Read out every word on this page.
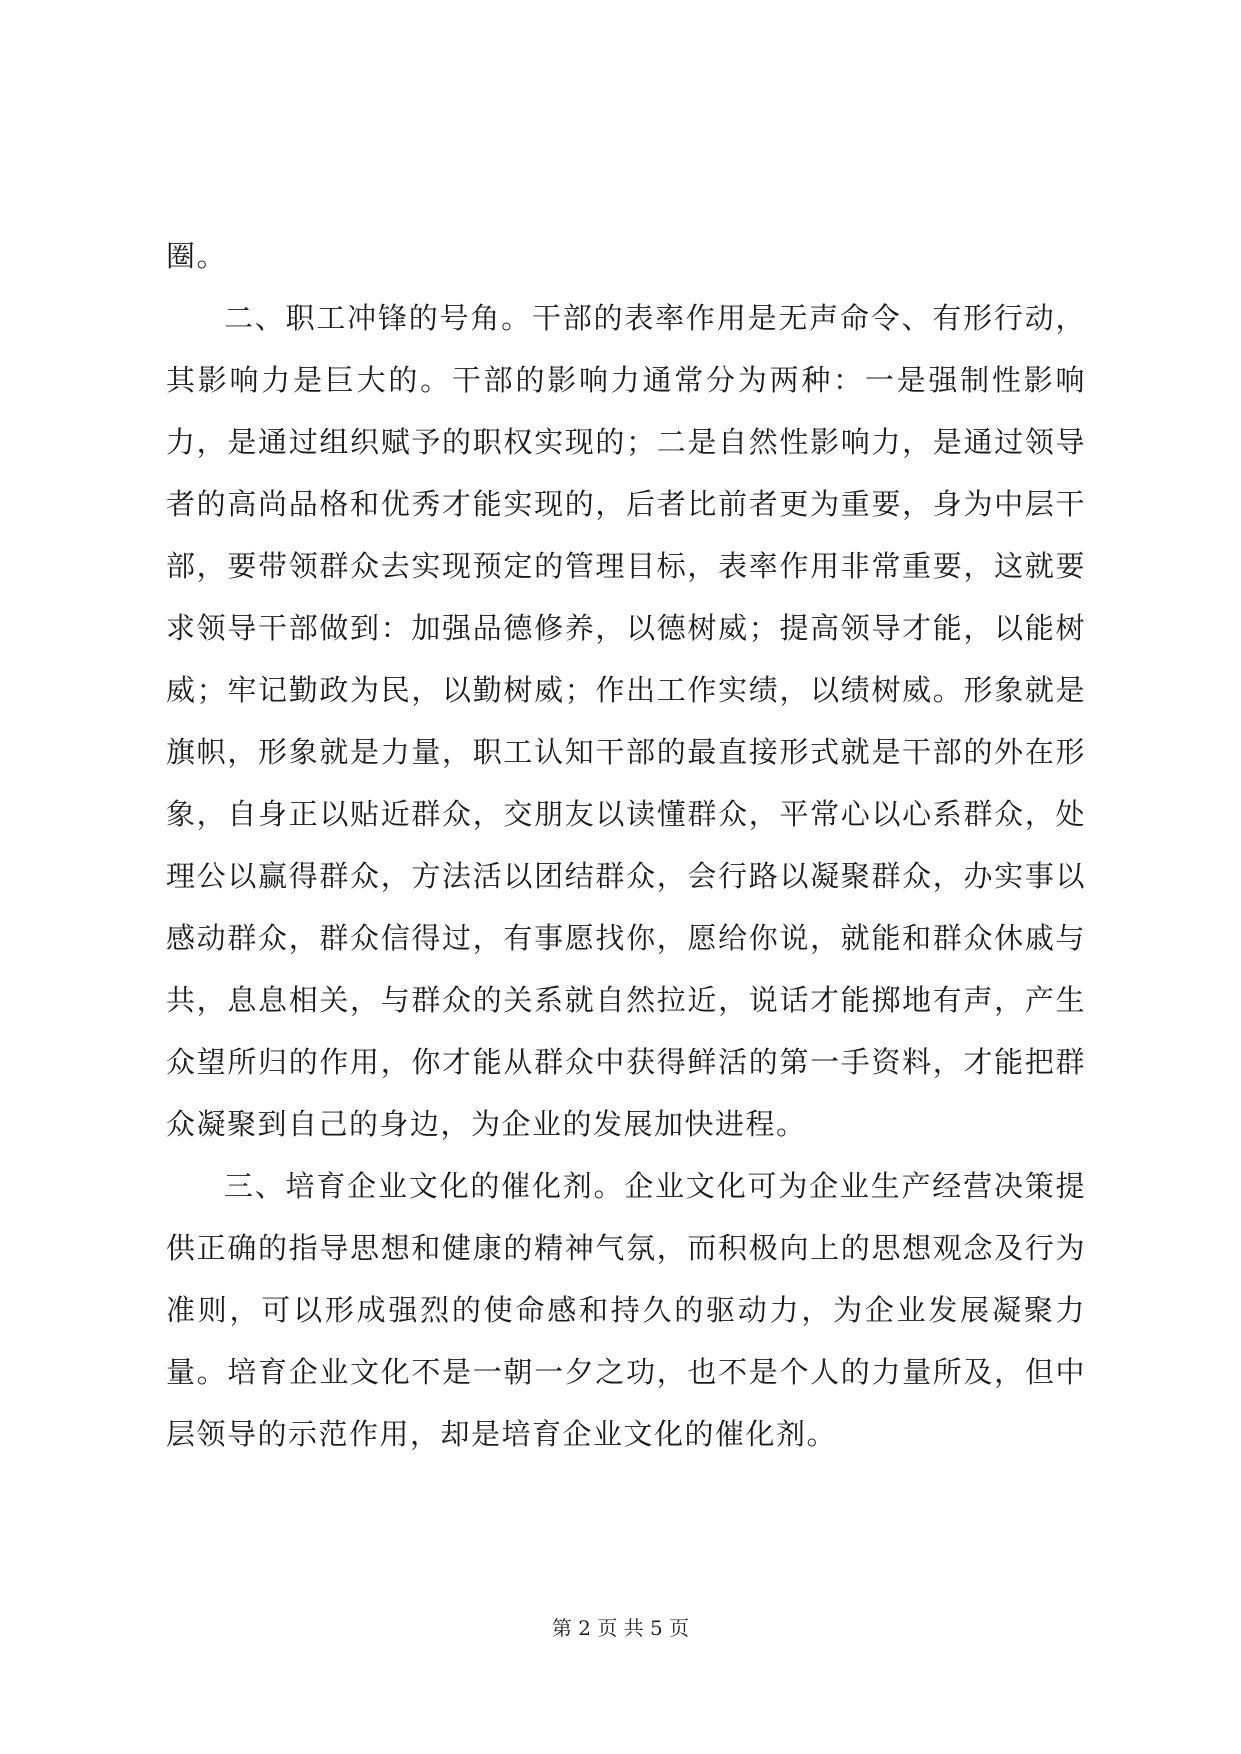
圈。

二、职工冲锋的号角。干部的表率作用是无声命令、有形行动，其影响力是巨大的。干部的影响力通常分为两种：一是强制性影响力，是通过组织赋予的职权实现的；二是自然性影响力，是通过领导者的高尚品格和优秀才能实现的，后者比前者更为重要，身为中层干部，要带领群众去实现预定的管理目标，表率作用非常重要，这就要求领导干部做到：加强品德修养，以德树威；提高领导才能，以能树威；牢记勤政为民，以勤树威；作出工作实绩，以绩树威。形象就是旗帜，形象就是力量，职工认知干部的最直接形式就是干部的外在形象，自身正以贴近群众，交朋友以读懂群众，平常心以心系群众，处理公以赢得群众，方法活以团结群众，会行路以凝聚群众，办实事以感动群众，群众信得过，有事愿找你，愿给你说，就能和群众休戚与共，息息相关，与群众的关系就自然拉近，说话才能掷地有声，产生众望所归的作用，你才能从群众中获得鲜活的第一手资料，才能把群众凝聚到自己的身边，为企业的发展加快进程。

三、培育企业文化的催化剂。企业文化可为企业生产经营决策提供正确的指导思想和健康的精神气氛，而积极向上的思想观念及行为准则，可以形成强烈的使命感和持久的驱动力，为企业发展凝聚力量。培育企业文化不是一朝一夕之功，也不是个人的力量所及，但中层领导的示范作用，却是培育企业文化的催化剂。

第 2 页 共 5 页
